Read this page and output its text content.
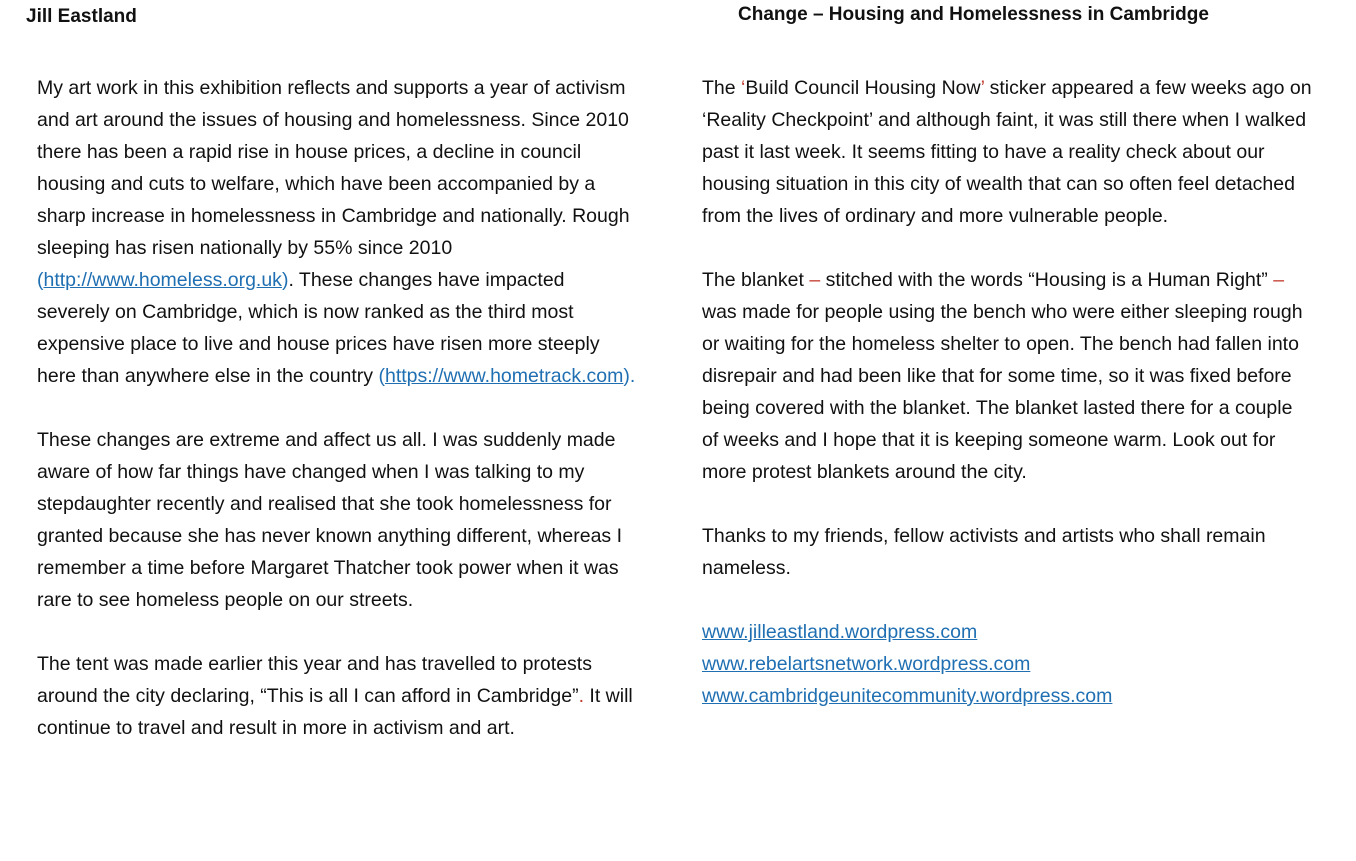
Jill Eastland	Change – Housing and Homelessness in Cambridge

My art work in this exhibition reflects and supports a year of activism and art around the issues of housing and homelessness. Since 2010 there has been a rapid rise in house prices, a decline in council housing and cuts to welfare, which have been accompanied by a sharp increase in homelessness in Cambridge and nationally. Rough sleeping has risen nationally by 55% since 2010 (http://www.homeless.org.uk). These changes have impacted severely on Cambridge, which is now ranked as the third most expensive place to live and house prices have risen more steeply here than anywhere else in the country (https://www.hometrack.com).

These changes are extreme and affect us all. I was suddenly made aware of how far things have changed when I was talking to my stepdaughter recently and realised that she took homelessness for granted because she has never known anything different, whereas I remember a time before Margaret Thatcher took power when it was rare to see homeless people on our streets.

The tent was made earlier this year and has travelled to protests around the city declaring, “This is all I can afford in Cambridge”. It will continue to travel and result in more in activism and art.

The ‘Build Council Housing Now’ sticker appeared a few weeks ago on ‘Reality Checkpoint’ and although faint, it was still there when I walked past it last week. It seems fitting to have a reality check about our housing situation in this city of wealth that can so often feel detached from the lives of ordinary and more vulnerable people.

The blanket – stitched with the words “Housing is a Human Right” – was made for people using the bench who were either sleeping rough or waiting for the homeless shelter to open. The bench had fallen into disrepair and had been like that for some time, so it was fixed before being covered with the blanket. The blanket lasted there for a couple of weeks and I hope that it is keeping someone warm. Look out for more protest blankets around the city.

Thanks to my friends, fellow activists and artists who shall remain nameless.

www.jilleastland.wordpress.com
www.rebelartsnetwork.wordpress.com
www.cambridgeunitecommunity.wordpress.com
